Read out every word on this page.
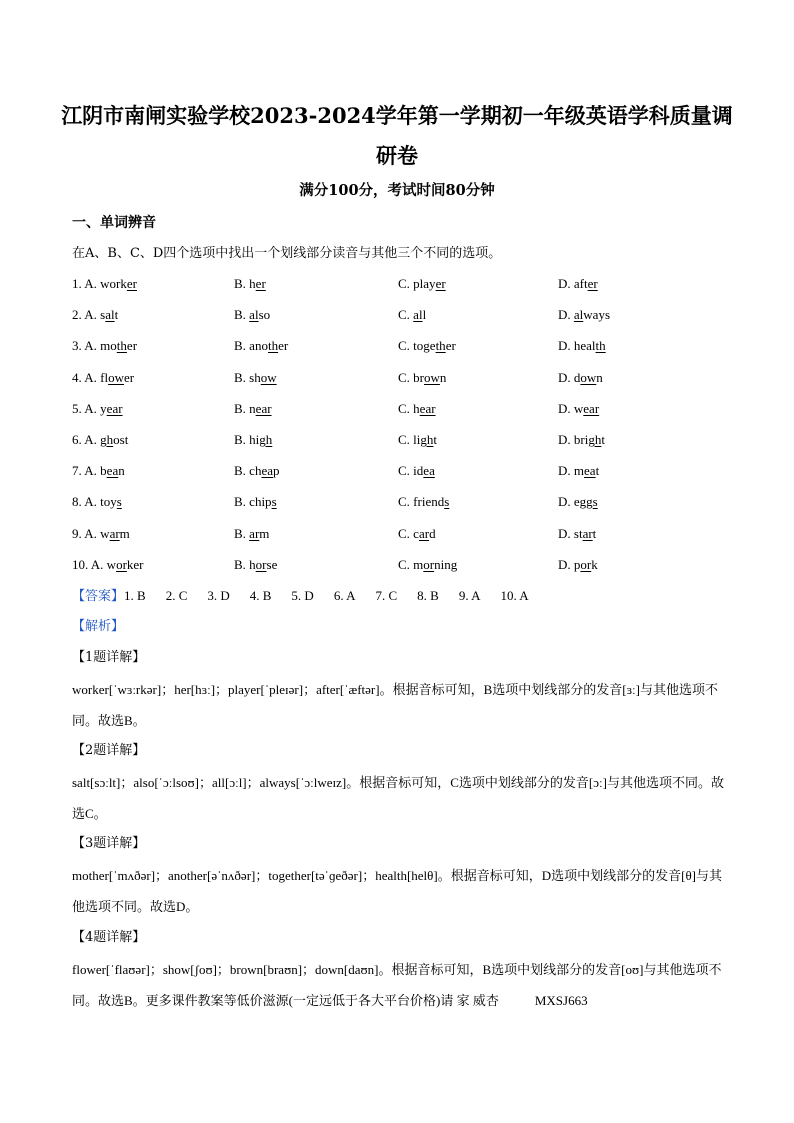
江阴市南闸实验学校2023-2024学年第一学期初一年级英语学科质量调研卷
满分100分，考试时间80分钟
一、单词辨音
在A、B、C、D四个选项中找出一个划线部分读音与其他三个不同的选项。
1. A. worker	B. her	C. player	D. after
2. A. salt	B. also	C. all	D. always
3. A. mother	B. another	C. together	D. health
4. A. flower	B. show	C. brown	D. down
5. A. year	B. near	C. hear	D. wear
6. A. ghost	B. high	C. light	D. bright
7. A. bean	B. cheap	C. idea	D. meat
8. A. toys	B. chips	C. friends	D. eggs
9. A. warm	B. arm	C. card	D. start
10. A. worker	B. horse	C. morning	D. pork
【答案】1. B 2. C 3. D 4. B 5. D 6. A 7. C 8. B 9. A 10. A
【解析】
【1题详解】
worker[ˈwɜːrkər]；her[hɜː]；player[ˈpleɪər]；after[ˈæftər]。根据音标可知，B选项中划线部分的发音[ɜː]与其他选项不同。故选B。
【2题详解】
salt[sɔːlt]；also[ˈɔːlsoʊ]；all[ɔːl]；always[ˈɔːlweɪz]。根据音标可知，C选项中划线部分的发音[ɔː]与其他选项不同。故选C。
【3题详解】
mother[ˈmʌðər]；another[əˈnʌðər]；together[təˈɡeðər]；health[helθ]。根据音标可知，D选项中划线部分的发音[θ]与其他选项不同。故选D。
【4题详解】
flower[ˈflaʊər]；show[ʃoʊ]；brown[braʊn]；down[daʊn]。根据音标可知，B选项中划线部分的发音[oʊ]与其他选项不同。故选B。更多课件教案等低价滋源(一定远低于各大平台价格)请 家 威杏	MXSJ663
